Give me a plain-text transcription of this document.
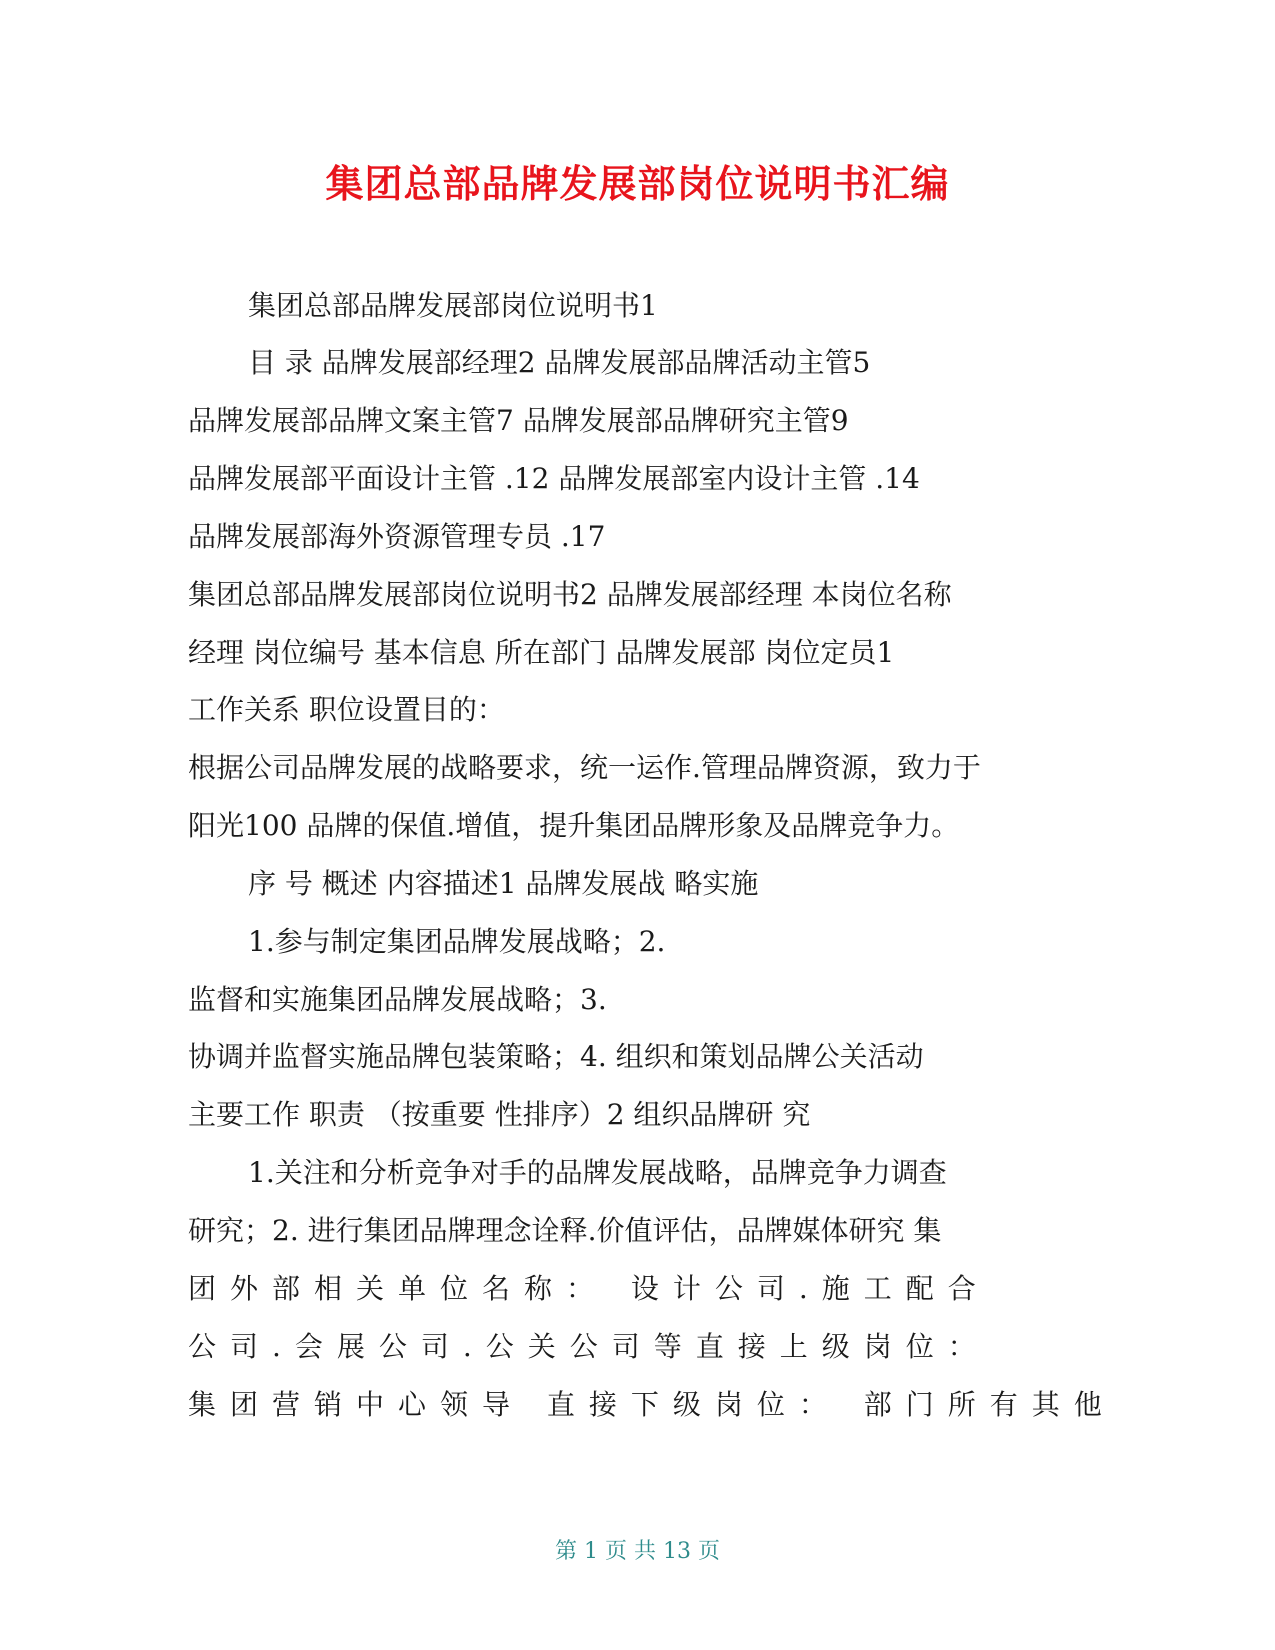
集团总部品牌发展部岗位说明书汇编
集团总部品牌发展部岗位说明书1
目 录 品牌发展部经理2 品牌发展部品牌活动主管5
品牌发展部品牌文案主管7 品牌发展部品牌研究主管9
品牌发展部平面设计主管 .12 品牌发展部室内设计主管 .14
品牌发展部海外资源管理专员 .17
集团总部品牌发展部岗位说明书2 品牌发展部经理 本岗位名称
经理 岗位编号 基本信息 所在部门 品牌发展部 岗位定员1
工作关系 职位设置目的：
根据公司品牌发展的战略要求，统一运作.管理品牌资源，致力于
阳光100 品牌的保值.增值，提升集团品牌形象及品牌竞争力。
序 号 概述 内容描述1 品牌发展战 略实施
1.参与制定集团品牌发展战略；2.
监督和实施集团品牌发展战略；3.
协调并监督实施品牌包装策略；4. 组织和策划品牌公关活动
主要工作 职责 （按重要 性排序）2 组织品牌研 究
1.关注和分析竞争对手的品牌发展战略，品牌竞争力调查
研究；2. 进行集团品牌理念诠释.价值评估，品牌媒体研究 集
团外部相关单位名称： 设计公司.施工配合
公司.会展公司.公关公司等直接上级岗位：
集团营销中心领导 直接下级岗位： 部门所有其他
第 1 页 共 13 页
